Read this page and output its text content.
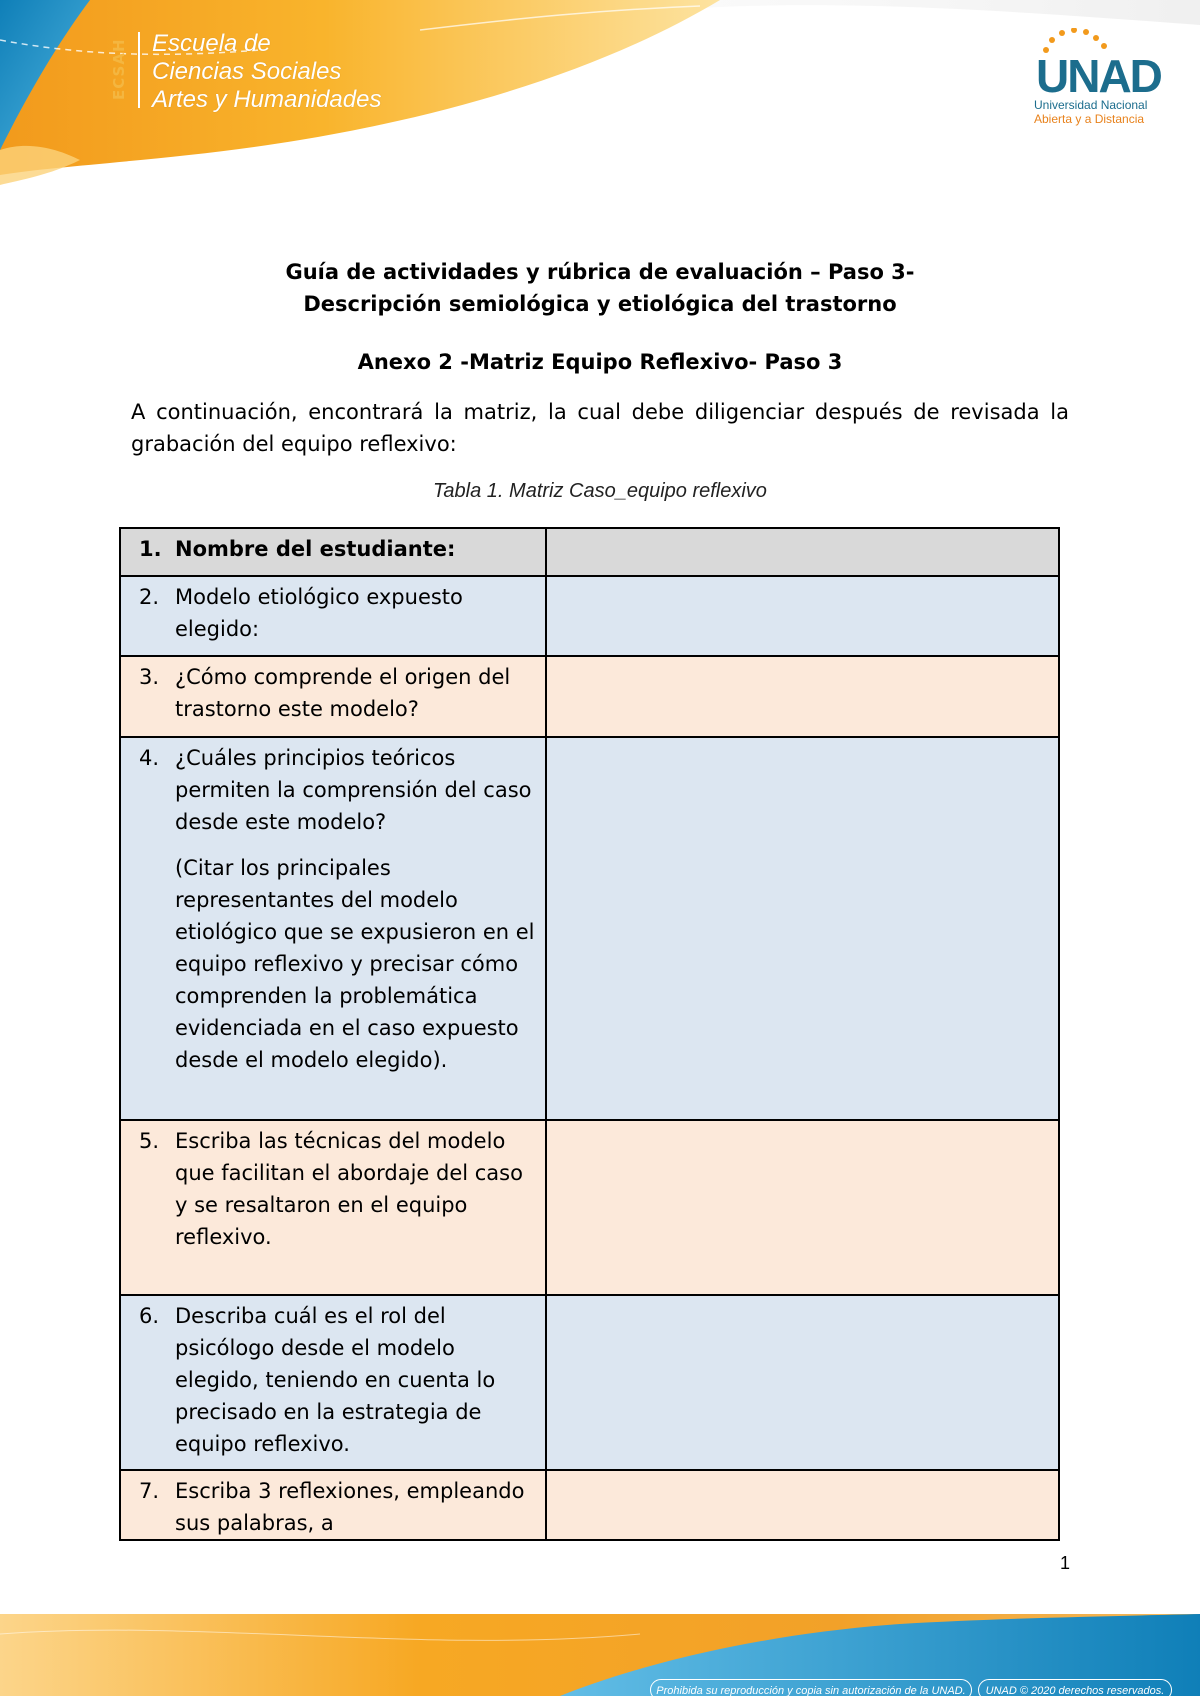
ECSAH Escuela de
Ciencias Sociales
Artes y Humanidades	UNAD
Universidad Nacional
Abierta y a Distancia
Guía de actividades y rúbrica de evaluación – Paso 3-
Descripción semiológica y etiológica del trastorno
Anexo 2 -Matriz Equipo Reflexivo- Paso 3
A continuación, encontrará la matriz, la cual debe diligenciar después de revisada la grabación del equipo reflexivo:
Tabla 1. Matriz Caso_equipo reflexivo
1. Nombre del estudiante:	

2. Modelo etiológico expuesto elegido:	

3. ¿Cómo comprende el origen del trastorno este modelo?	

4. ¿Cuáles principios teóricos permiten la comprensión del caso desde este modelo?

(Citar los principales representantes del modelo etiológico que se expusieron en el equipo reflexivo y precisar cómo comprenden la problemática evidenciada en el caso expuesto desde el modelo elegido).	

5. Escriba las técnicas del modelo que facilitan el abordaje del caso y se resaltaron en el equipo reflexivo.	

6. Describa cuál es el rol del psicólogo desde el modelo elegido, teniendo en cuenta lo precisado en la estrategia de equipo reflexivo.	

7. Escriba 3 reflexiones, empleando sus palabras, a	

1
Prohibida su reproducción y copia sin autorización de la UNAD.	UNAD © 2020 derechos reservados.
